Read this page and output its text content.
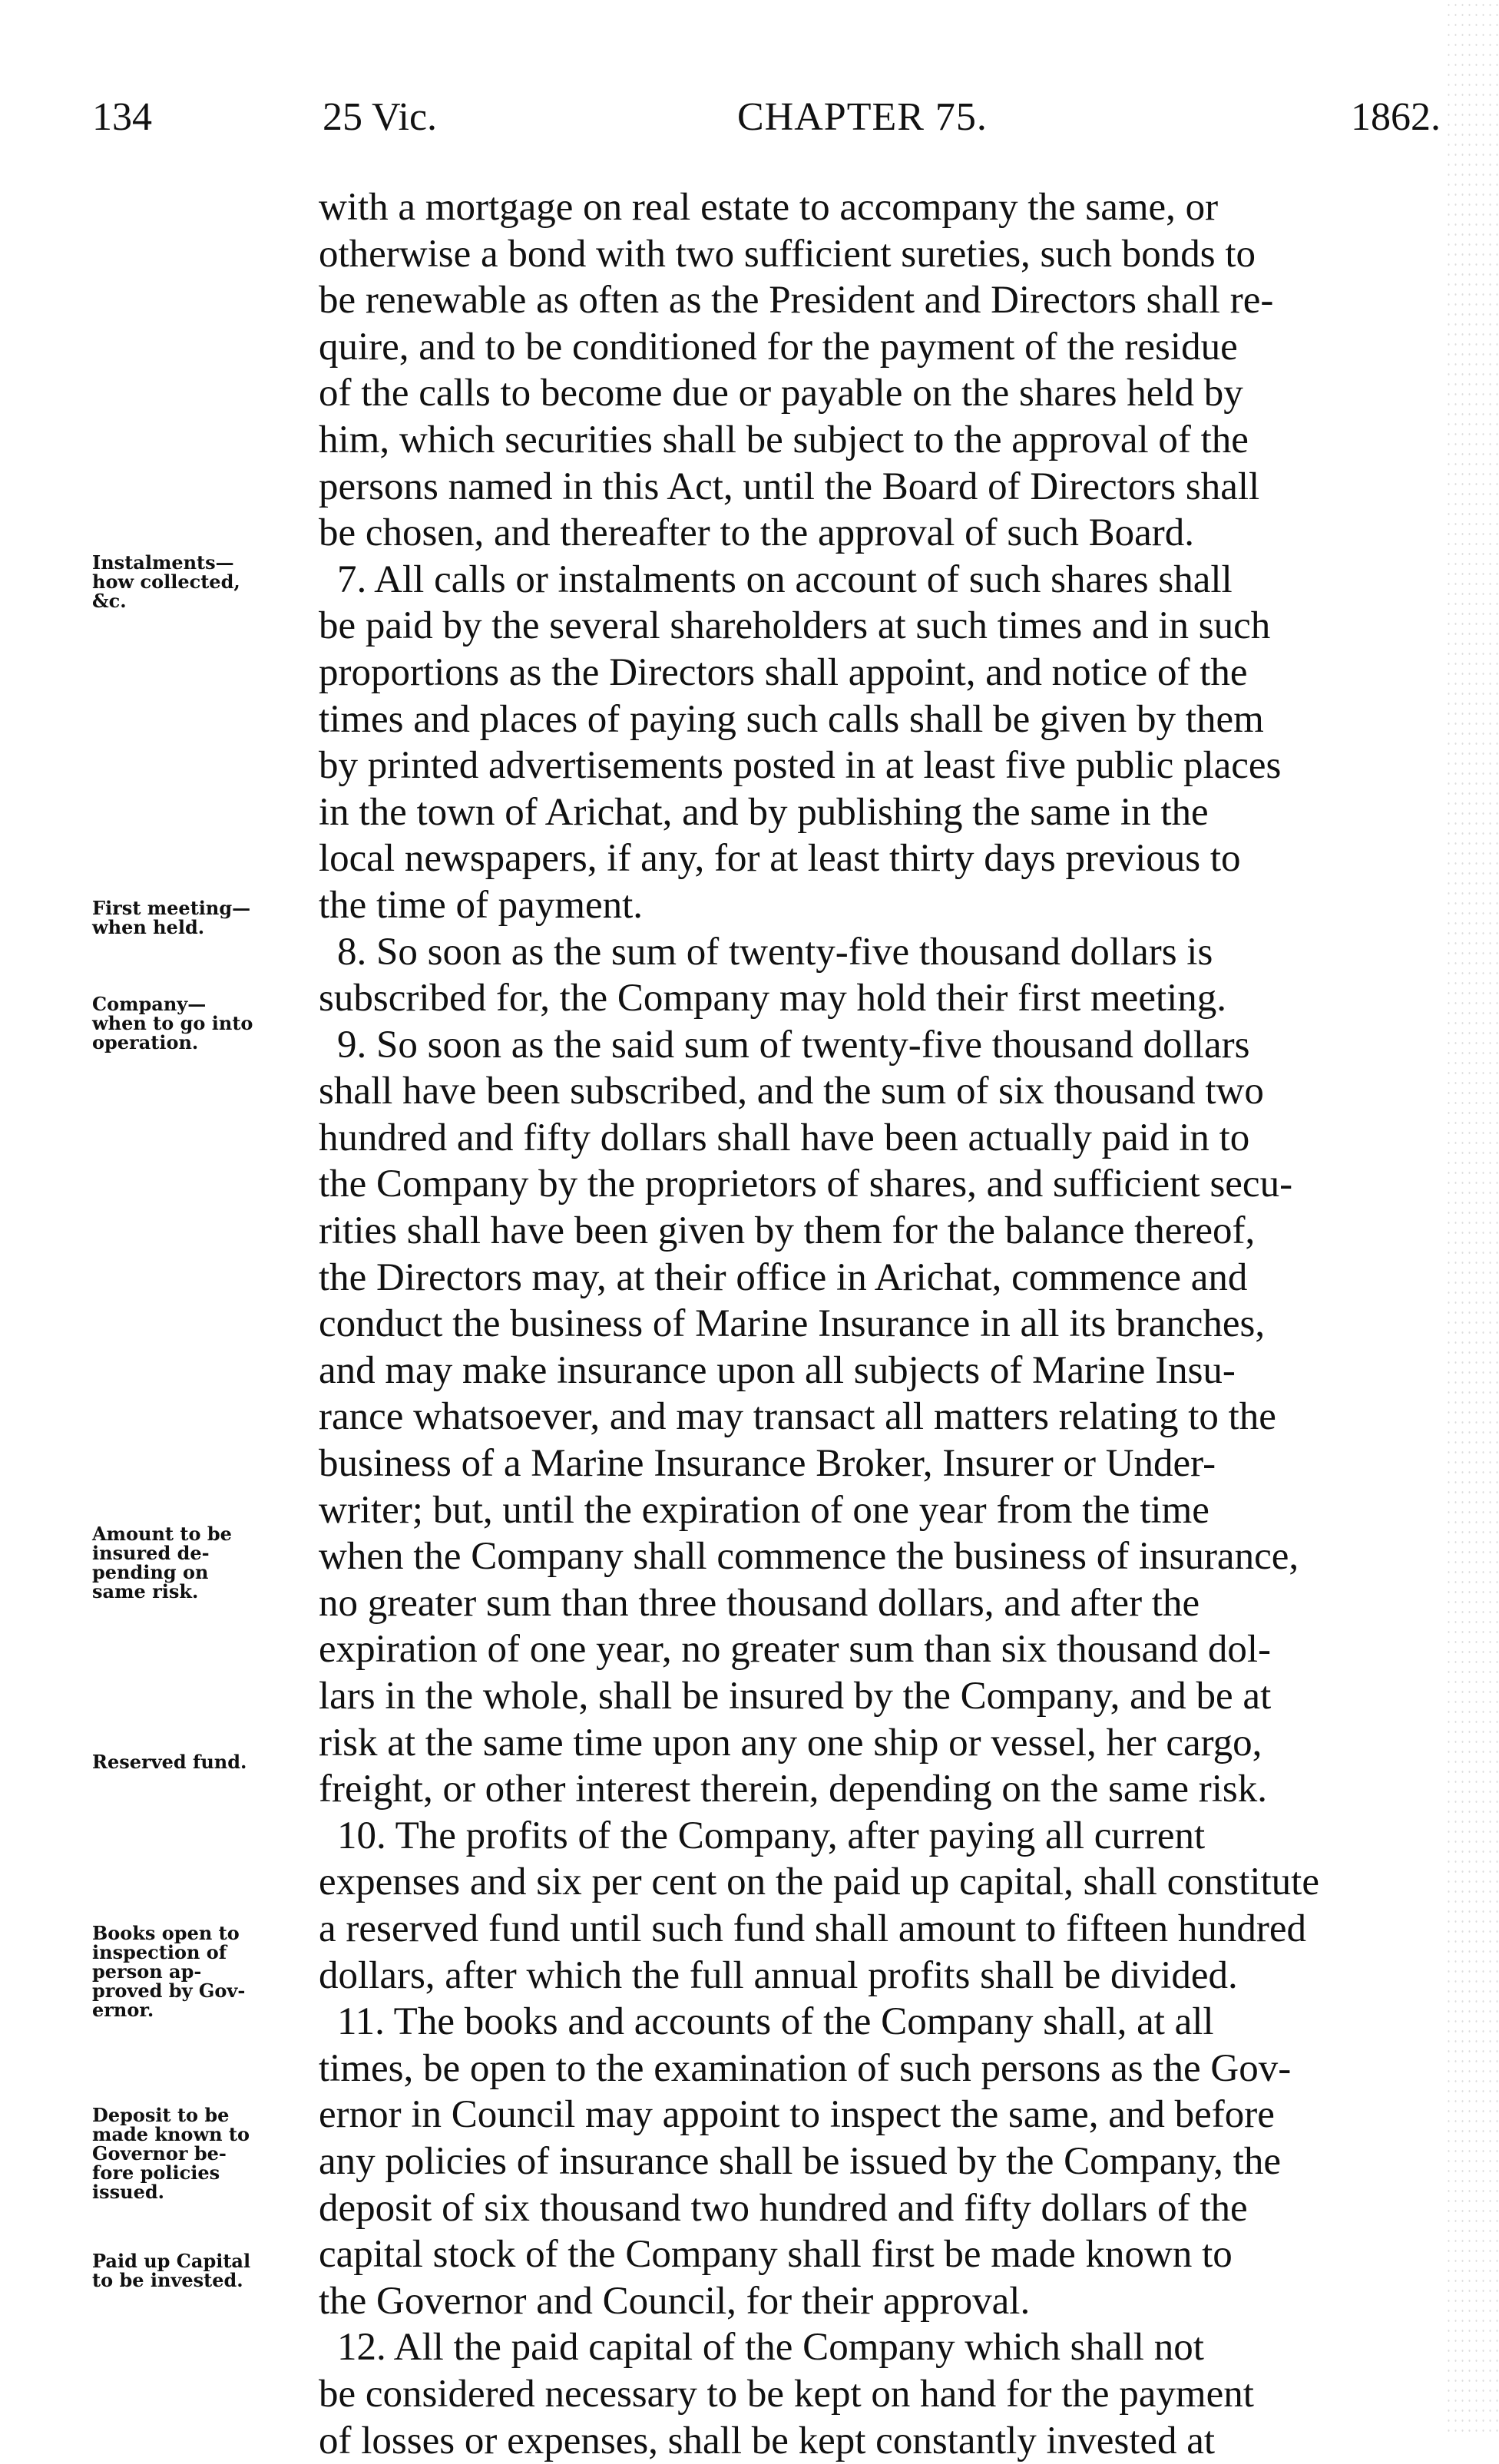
134	25 Vic.	CHAPTER 75.	1862.
Instalments—
how collected,
&c.
First meeting—
when held.
Company—
when to go into
operation.
Amount to be
insured de-
pending on
same risk.
Reserved fund.
Books open to
inspection of
person ap-
proved by Gov-
ernor.
Deposit to be
made known to
Governor be-
fore policies
issued.
Paid up Capital
to be invested.
with a mortgage on real estate to accompany the same, or
otherwise a bond with two sufficient sureties, such bonds to
be renewable as often as the President and Directors shall re-
quire, and to be conditioned for the payment of the residue
of the calls to become due or payable on the shares held by
him, which securities shall be subject to the approval of the
persons named in this Act, until the Board of Directors shall
be chosen, and thereafter to the approval of such Board.
7. All calls or instalments on account of such shares shall
be paid by the several shareholders at such times and in such
proportions as the Directors shall appoint, and notice of the
times and places of paying such calls shall be given by them
by printed advertisements posted in at least five public places
in the town of Arichat, and by publishing the same in the
local newspapers, if any, for at least thirty days previous to
the time of payment.
8. So soon as the sum of twenty-five thousand dollars is
subscribed for, the Company may hold their first meeting.
9. So soon as the said sum of twenty-five thousand dollars
shall have been subscribed, and the sum of six thousand two
hundred and fifty dollars shall have been actually paid in to
the Company by the proprietors of shares, and sufficient secu-
rities shall have been given by them for the balance thereof,
the Directors may, at their office in Arichat, commence and
conduct the business of Marine Insurance in all its branches,
and may make insurance upon all subjects of Marine Insu-
rance whatsoever, and may transact all matters relating to the
business of a Marine Insurance Broker, Insurer or Under-
writer; but, until the expiration of one year from the time
when the Company shall commence the business of insurance,
no greater sum than three thousand dollars, and after the
expiration of one year, no greater sum than six thousand dol-
lars in the whole, shall be insured by the Company, and be at
risk at the same time upon any one ship or vessel, her cargo,
freight, or other interest therein, depending on the same risk.
10. The profits of the Company, after paying all current
expenses and six per cent on the paid up capital, shall constitute
a reserved fund until such fund shall amount to fifteen hundred
dollars, after which the full annual profits shall be divided.
11. The books and accounts of the Company shall, at all
times, be open to the examination of such persons as the Gov-
ernor in Council may appoint to inspect the same, and before
any policies of insurance shall be issued by the Company, the
deposit of six thousand two hundred and fifty dollars of the
capital stock of the Company shall first be made known to
the Governor and Council, for their approval.
12. All the paid capital of the Company which shall not
be considered necessary to be kept on hand for the payment
of losses or expenses, shall be kept constantly invested at
